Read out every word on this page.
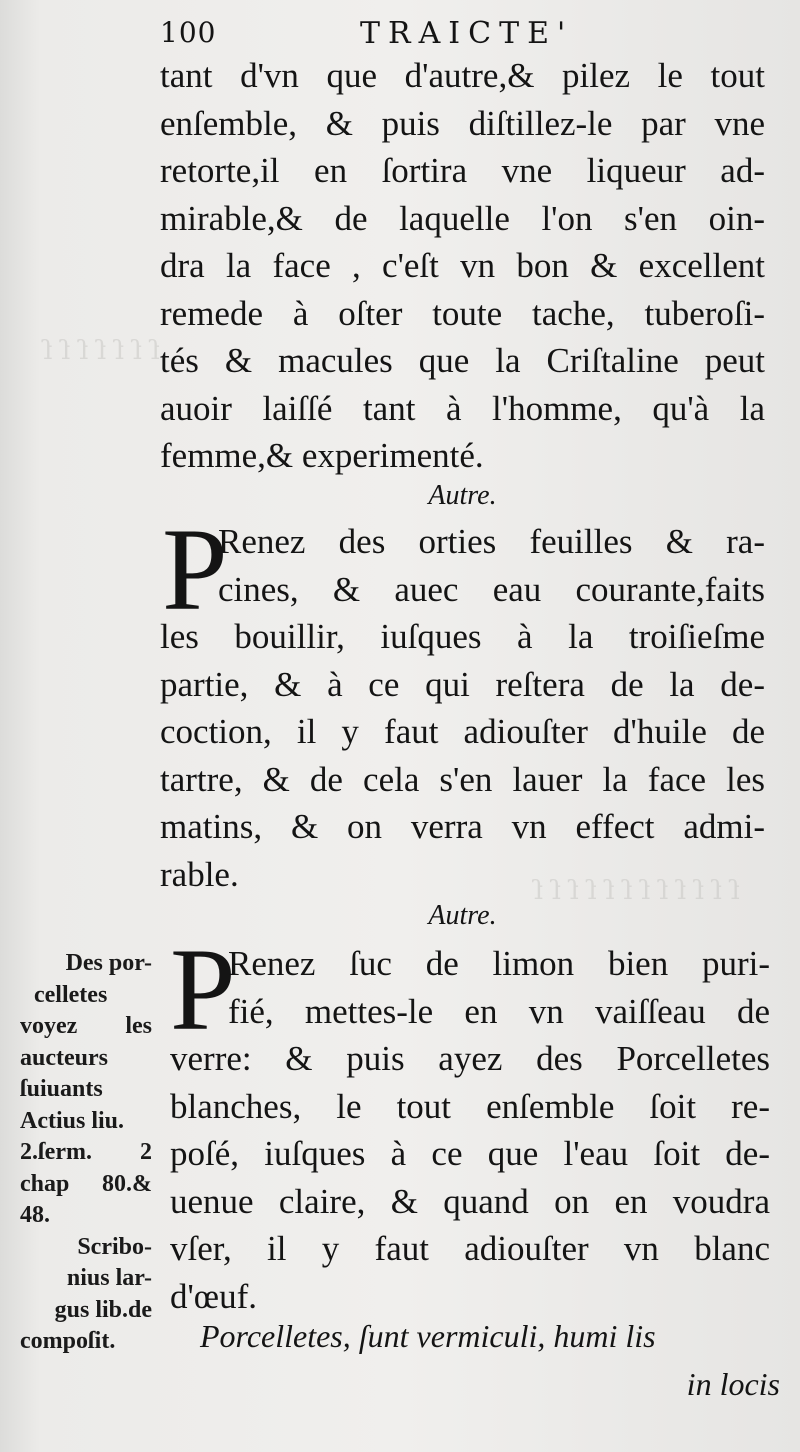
ſ ſ ſ ſ ſ ſ ſ
ſ ſ ſ ſ ſ ſ ſ ſ ſ ſ ſ ſ
100	TRAICTE'
tant d'vn que d'autre,& pilez le tout
enſemble, & puis diſtillez-le par vne
retorte,il en ſortira vne liqueur ad-
mirable,& de laquelle l'on s'en oin-
dra la face , c'eſt vn bon & excellent
remede à oſter toute tache, tuberoſi-
tés & macules que la Criſtaline peut
auoir laiſſé tant à l'homme, qu'à la
femme,& experimenté.
Autre.
P
Renez des orties feuilles & ra-
cines, & auec eau courante,faits
les bouillir, iuſques à la troiſieſme
partie, & à ce qui reſtera de la de-
coction, il y faut adiouſter d'huile de
tartre, & de cela s'en lauer la face les
matins, & on verra vn effect admi-
rable.
Autre.
P
Renez ſuc de limon bien puri-
fié, mettes-le en vn vaiſſeau de
verre: & puis ayez des Porcelletes
blanches, le tout enſemble ſoit re-
poſé, iuſques à ce que l'eau ſoit de-
uenue claire, & quand on en voudra
vſer, il y faut adiouſter vn blanc
d'œuf.
Des por-
celletes
voyez les
aucteurs
ſuiuants
Actius liu.
2.ſerm. 2
chap 80.&
48.
Scribo-
nius lar-
gus lib.de
compoſit.	Porcelletes, ſunt vermiculi, humi lis
in locis
